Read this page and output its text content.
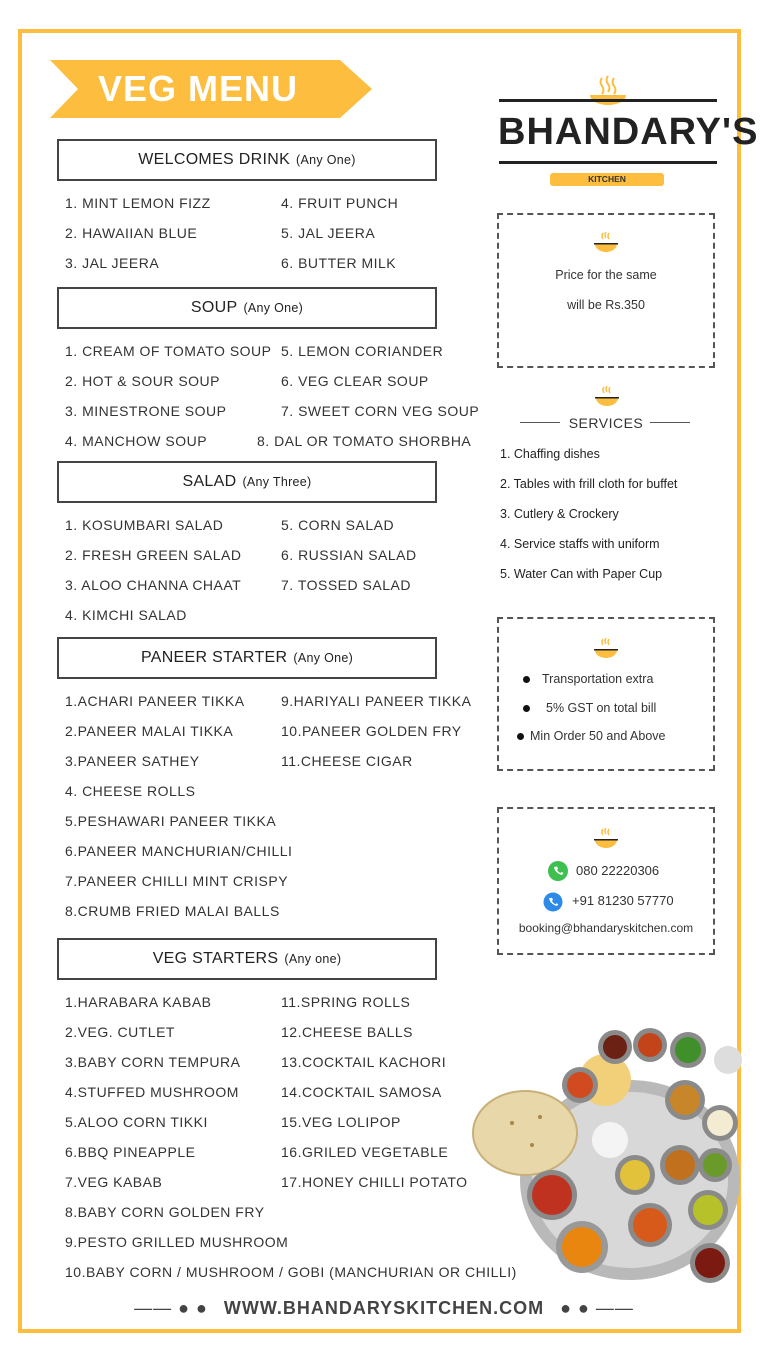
VEG MENU
BHANDARY'S
KITCHEN
WELCOMES DRINK (Any One)
SOUP (Any One)
SALAD (Any Three)
PANEER STARTER (Any One)
VEG STARTERS (Any one)
1. MINT LEMON FIZZ
2. HAWAIIAN BLUE
3. JAL JEERA
4. FRUIT PUNCH
5. JAL JEERA
6. BUTTER MILK
1. CREAM OF TOMATO SOUP
2. HOT & SOUR SOUP
3. MINESTRONE SOUP
4. MANCHOW SOUP
5. LEMON CORIANDER
6. VEG CLEAR SOUP
7. SWEET CORN VEG SOUP
8. DAL OR TOMATO SHORBHA
1. KOSUMBARI SALAD
2. FRESH GREEN SALAD
3. ALOO CHANNA CHAAT
4. KIMCHI SALAD
5. CORN SALAD
6. RUSSIAN SALAD
7. TOSSED SALAD
1.ACHARI PANEER TIKKA
2.PANEER MALAI TIKKA
3.PANEER SATHEY
4. CHEESE ROLLS
5.PESHAWARI PANEER TIKKA
6.PANEER MANCHURIAN/CHILLI
7.PANEER CHILLI MINT CRISPY
8.CRUMB FRIED MALAI BALLS
9.HARIYALI PANEER TIKKA
10.PANEER GOLDEN FRY
11.CHEESE CIGAR
1.HARABARA KABAB
2.VEG. CUTLET
3.BABY CORN TEMPURA
4.STUFFED MUSHROOM
5.ALOO CORN TIKKI
6.BBQ PINEAPPLE
7.VEG KABAB
8.BABY CORN GOLDEN FRY
9.PESTO GRILLED MUSHROOM
10.BABY CORN / MUSHROOM / GOBI (MANCHURIAN OR CHILLI)
11.SPRING ROLLS
12.CHEESE BALLS
13.COCKTAIL KACHORI
14.COCKTAIL SAMOSA
15.VEG LOLIPOP
16.GRILED VEGETABLE
17.HONEY CHILLI POTATO
Price for the same
will be Rs.350
SERVICES
1. Chaffing dishes
2. Tables with frill cloth for buffet
3. Cutlery & Crockery
4. Service staffs with uniform
5. Water Can with Paper Cup
Transportation extra
5% GST on total bill
Min Order 50 and Above
080 22220306
+91 81230 57770
booking@bhandaryskitchen.com
—— ● ● WWW.BHANDARYSKITCHEN.COM ● ● ——
